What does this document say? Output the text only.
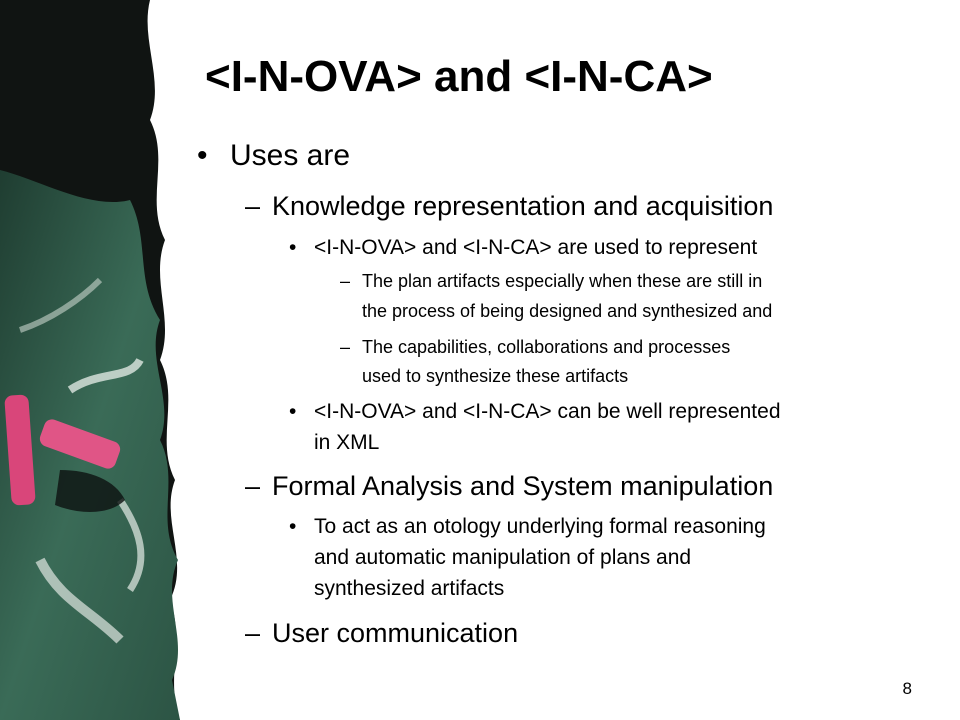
<I-N-OVA> and <I-N-CA>
• Uses are
– Knowledge representation and acquisition
• <I-N-OVA> and <I-N-CA> are used to represent
– The plan artifacts especially when these are still in
the process of being designed and synthesized and
– The capabilities, collaborations and processes
used to synthesize these artifacts
• <I-N-OVA> and <I-N-CA> can be well represented
in XML
– Formal Analysis and System manipulation
• To act as an otology underlying formal reasoning
and automatic manipulation of plans and
synthesized artifacts
– User communication
8
